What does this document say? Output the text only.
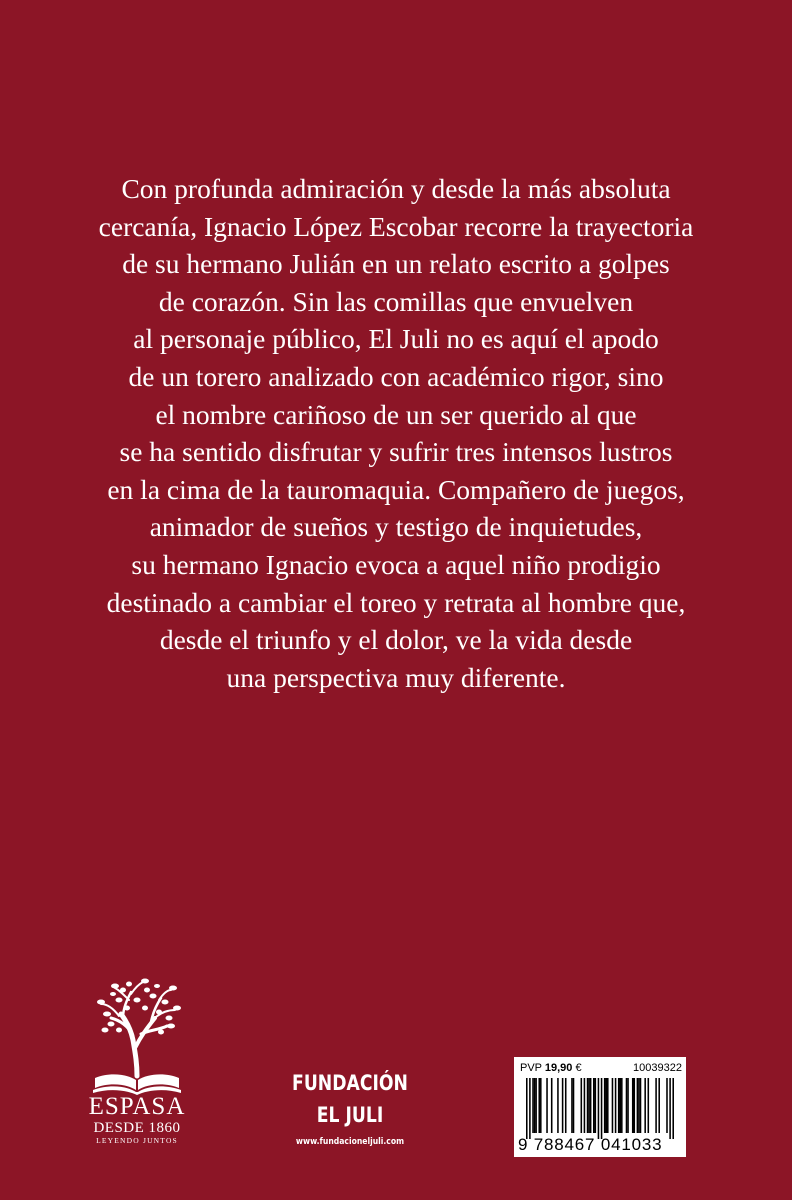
Con profunda admiración y desde la más absoluta
cercanía, Ignacio López Escobar recorre la trayectoria
de su hermano Julián en un relato escrito a golpes
de corazón. Sin las comillas que envuelven
al personaje público, El Juli no es aquí el apodo
de un torero analizado con académico rigor, sino
el nombre cariñoso de un ser querido al que
se ha sentido disfrutar y sufrir tres intensos lustros
en la cima de la tauromaquia. Compañero de juegos,
animador de sueños y testigo de inquietudes,
su hermano Ignacio evoca a aquel niño prodigio
destinado a cambiar el toreo y retrata al hombre que,
desde el triunfo y el dolor, ve la vida desde
una perspectiva muy diferente.
ESPASA
DESDE 1860
LEYENDO JUNTOS
FUNDACIÓN
EL JULI
www.fundacioneljuli.com
PVP 19,90 €	10039322
9 788467 041033
